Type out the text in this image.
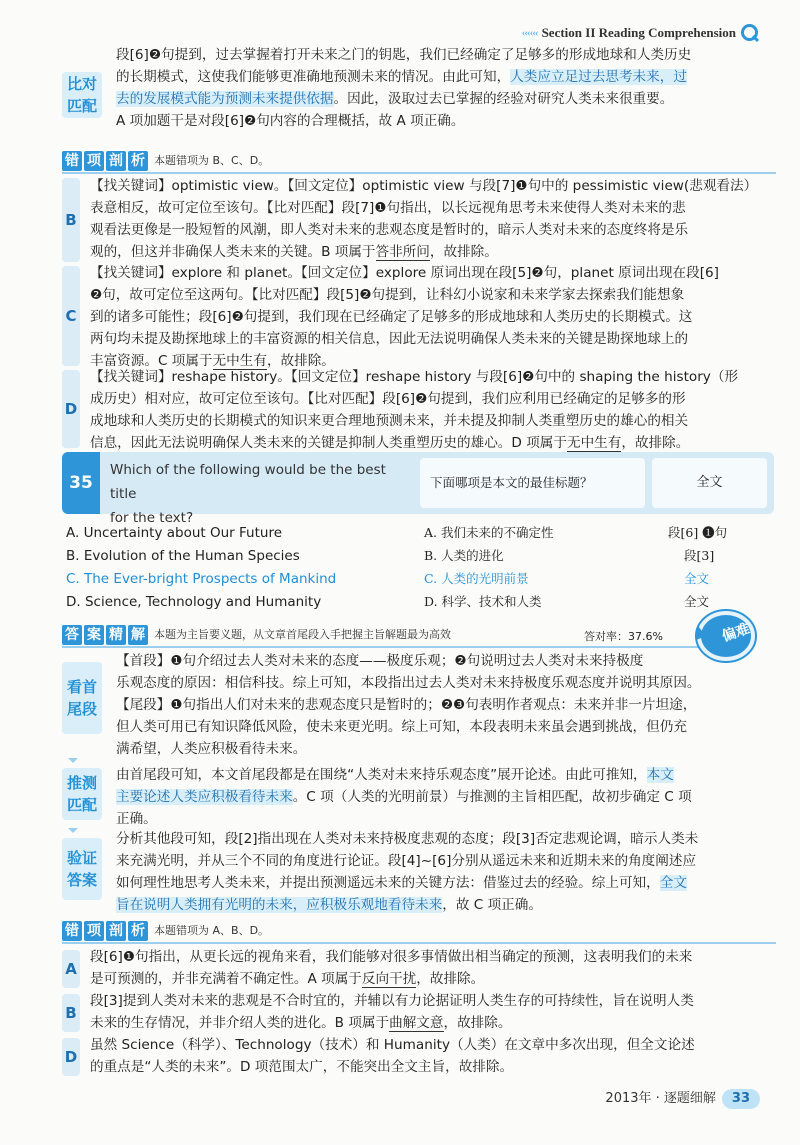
‹‹‹‹‹‹ Section II Reading Comprehension
比对
匹配

段[6]❷句提到，过去掌握着打开未来之门的钥匙，我们已经确定了足够多的形成地球和人类历史

的长期模式，这使我们能够更准确地预测未来的情况。由此可知，人类应立足过去思考未来，过

去的发展模式能为预测未来提供依据。因此，汲取过去已掌握的经验对研究人类未来很重要。

A 项加题干是对段[6]❷句内容的合理概括，故 A 项正确。

错 项 剖 析 本题错项为 B、C、D。
B

【找关键词】optimistic view。【回文定位】optimistic view 与段[7]❶句中的 pessimistic view(悲观看法）

表意相反，故可定位至该句。【比对匹配】段[7]❶句指出，以长远视角思考未来使得人类对未来的悲

观看法更像是一股短暂的风潮，即人类对未来的悲观态度是暂时的，暗示人类对未来的态度终将是乐

观的，但这并非确保人类未来的关键。B 项属于答非所问，故排除。

C

【找关键词】explore 和 planet。【回文定位】explore 原词出现在段[5]❷句，planet 原词出现在段[6]

❷句，故可定位至这两句。【比对匹配】段[5]❷句提到，让科幻小说家和未来学家去探索我们能想象

到的诸多可能性；段[6]❷句提到，我们现在已经确定了足够多的形成地球和人类历史的长期模式。这

两句均未提及勘探地球上的丰富资源的相关信息，因此无法说明确保人类未来的关键是勘探地球上的

丰富资源。C 项属于无中生有，故排除。

D

【找关键词】reshape history。【回文定位】reshape history 与段[6]❷句中的 shaping the history（形

成历史）相对应，故可定位至该句。【比对匹配】段[6]❷句提到，我们应利用已经确定的足够多的形

成地球和人类历史的长期模式的知识来更合理地预测未来，并未提及抑制人类重塑历史的雄心的相关

信息，因此无法说明确保人类未来的关键是抑制人类重塑历史的雄心。D 项属于无中生有，故排除。

35
Which of the following would be the best title
for the text?
下面哪项是本文的最佳标题？	全文
A. Uncertainty about Our Future	A. 我们未来的不确定性	段[6] ❶句
B. Evolution of the Human Species	B. 人类的进化	段[3]
C. The Ever-bright Prospects of Mankind	C. 人类的光明前景	全文
D. Science, Technology and Humanity	D. 科学、技术和人类	全文
答 案 精 解 本题为主旨要义题，从文章首尾段入手把握主旨解题最为高效	答对率：37.6%	偏难
看首
尾段

【首段】❶句介绍过去人类对未来的态度——极度乐观；❷句说明过去人类对未来持极度

乐观态度的原因：相信科技。综上可知，本段指出过去人类对未来持极度乐观态度并说明其原因。

【尾段】❶句指出人们对未来的悲观态度只是暂时的；❷❸句表明作者观点：未来并非一片坦途，

但人类可用已有知识降低风险，使未来更光明。综上可知，本段表明未来虽会遇到挑战，但仍充

满希望，人类应积极看待未来。

推测
匹配

由首尾段可知，本文首尾段都是在围绕“人类对未来持乐观态度”展开论述。由此可推知，本文

主要论述人类应积极看待未来。C 项（人类的光明前景）与推测的主旨相匹配，故初步确定 C 项

正确。

验证
答案

分析其他段可知，段[2]指出现在人类对未来持极度悲观的态度；段[3]否定悲观论调，暗示人类未

来充满光明，并从三个不同的角度进行论证。段[4]~[6]分别从遥远未来和近期未来的角度阐述应

如何理性地思考人类未来，并提出预测遥远未来的关键方法：借鉴过去的经验。综上可知，全文

旨在说明人类拥有光明的未来，应积极乐观地看待未来，故 C 项正确。

错 项 剖 析 本题错项为 A、B、D。
A

段[6]❶句指出，从更长远的视角来看，我们能够对很多事情做出相当确定的预测，这表明我们的未来

是可预测的，并非充满着不确定性。A 项属于反向干扰，故排除。

B

段[3]提到人类对未来的悲观是不合时宜的，并辅以有力论据证明人类生存的可持续性，旨在说明人类

未来的生存情况，并非介绍人类的进化。B 项属于曲解文意，故排除。

D

虽然 Science（科学）、Technology（技术）和 Humanity（人类）在文章中多次出现，但全文论述

的重点是“人类的未来”。D 项范围太广，不能突出全文主旨，故排除。

2013年 · 逐题细解	33
